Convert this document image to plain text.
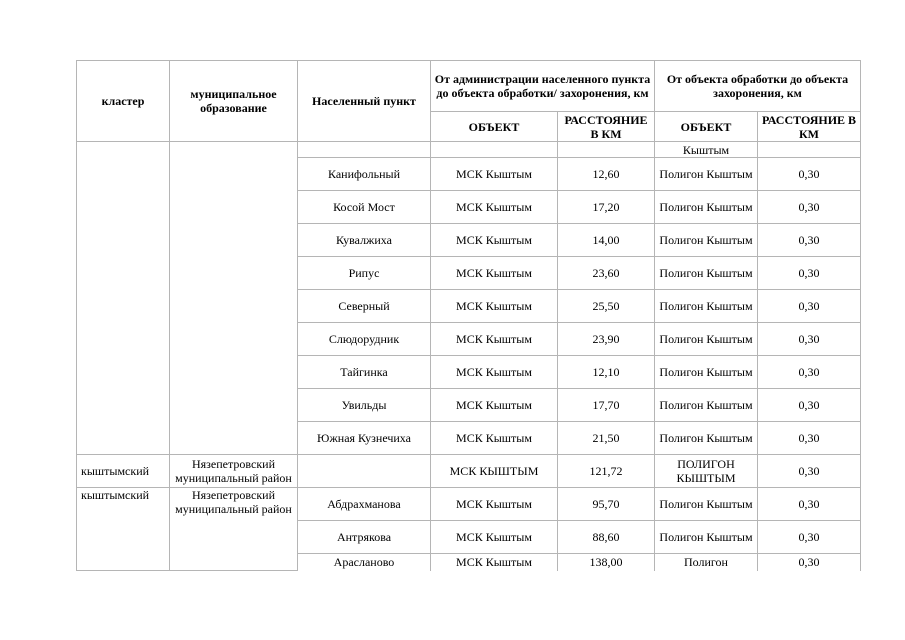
кластер	муниципальное образование	Населенный пункт	От администрации населенного пункта до объекта обработки/ захоронения, км		От объекта обработки до объекта захоронения, км	
			ОБЪЕКТ	РАССТОЯНИЕ В КМ	ОБЪЕКТ	РАССТОЯНИЕ В КМ
					Кыштым	
		Канифольный	МСК Кыштым	12,60	Полигон Кыштым	0,30
		Косой Мост	МСК Кыштым	17,20	Полигон Кыштым	0,30
		Кувалжиха	МСК Кыштым	14,00	Полигон Кыштым	0,30
		Рипус	МСК Кыштым	23,60	Полигон Кыштым	0,30
		Северный	МСК Кыштым	25,50	Полигон Кыштым	0,30
		Слюдорудник	МСК Кыштым	23,90	Полигон Кыштым	0,30
		Тайгинка	МСК Кыштым	12,10	Полигон Кыштым	0,30
		Увильды	МСК Кыштым	17,70	Полигон Кыштым	0,30
		Южная Кузнечиха	МСК Кыштым	21,50	Полигон Кыштым	0,30
кыштымский	Нязепетровский муниципальный район		МСК КЫШТЫМ	121,72	ПОЛИГОН КЫШТЫМ	0,30
кыштымский	Нязепетровский муниципальный район	Абдрахманова	МСК Кыштым	95,70	Полигон Кыштым	0,30
		Антрякова	МСК Кыштым	88,60	Полигон Кыштым	0,30
		Арасланово	МСК Кыштым	138,00	Полигон	0,30
